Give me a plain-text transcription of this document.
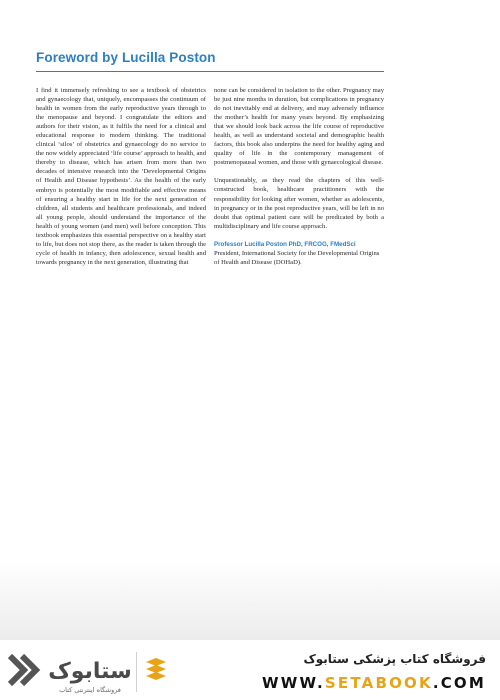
Foreword by Lucilla Poston

I find it immensely refreshing to see a textbook of obstetrics and gynaecology that, uniquely, encompasses the continuum of health in women from the early reproductive years through to the menopause and beyond. I congratulate the editors and authors for their vision, as it fulfils the need for a clinical and educational response to modern thinking. The traditional clinical ‘silos’ of obstetrics and gynaecology do no service to the now widely appreciated ‘life course’ approach to health, and thereby to disease, which has arisen from more than two decades of intensive research into the ‘Developmental Origins of Health and Disease hypothesis’. As the health of the early embryo is potentially the most modifiable and effective means of ensuring a healthy start in life for the next generation of children, all students and healthcare professionals, and indeed all young people, should understand the importance of the health of young women (and men) well before conception. This textbook emphasizes this essential perspective on a healthy start to life, but does not stop there, as the reader is taken through the cycle of health in infancy, then adolescence, sexual health and towards pregnancy in the next generation, illustrating that

none can be considered in isolation to the other. Pregnancy may be just nine months in duration, but complications in pregnancy do not inevitably end at delivery, and may adversely influence the mother’s health for many years beyond. By emphasizing that we should look back across the life course of reproductive health, as well as understand societal and demographic health factors, this book also underpins the need for healthy aging and quality of life in the contemporary management of postmenopausal women, and those with gynaecological disease.

Unquestionably, as they read the chapters of this well-constructed book, healthcare practitioners with the responsibility for looking after women, whether as adolescents, in pregnancy or in the post reproductive years, will be left in no doubt that optimal patient care will be predicated by both a multidisciplinary and life course approach.

Professor Lucilla Poston PhD, FRCOG, FMedSci
President, International Society for the Developmental Origins of Health and Disease (DOHaD).
ستابوک
فروشگاه اینترنتی کتاب
فروشگاه کتاب پزشکی ستابوک
WWW.SETABOOK.COM
